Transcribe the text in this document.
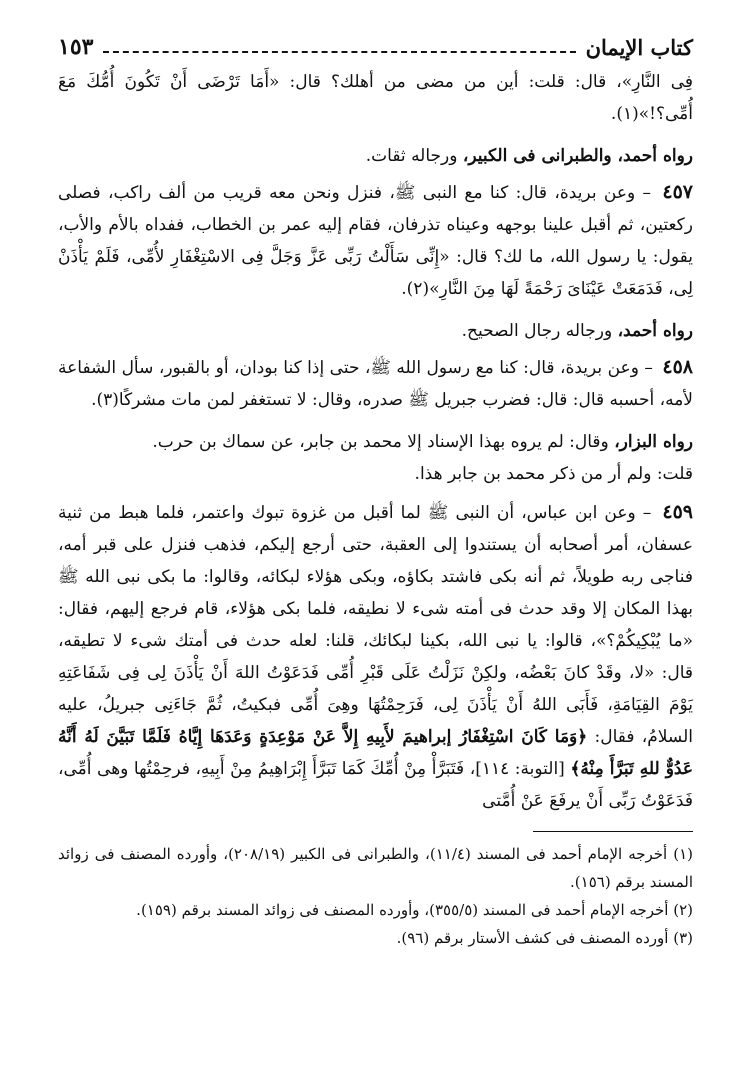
كتاب الإيمان
١٥٣

فِى النَّارِ»، قال: قلت: أين من مضى من أهلك؟ قال: «أَمَا تَرْضَى أَنْ تَكُونَ أُمُّكَ مَعَ أُمِّى؟!»(١).

رواه أحمد، والطبرانى فى الكبير، ورجاله ثقات.

٤٥٧ – وعن بريدة، قال: كنا مع النبى ﷺ، فنزل ونحن معه قريب من ألف راكب، فصلى ركعتين، ثم أقبل علينا بوجهه وعيناه تذرفان، فقام إليه عمر بن الخطاب، ففداه بالأم والأب، يقول: يا رسول الله، ما لك؟ قال: «إِنِّى سَأَلْتُ رَبِّى عَزَّ وَجَلَّ فِى الاسْتِغْفَارِ لأُمِّى، فَلَمْ يَأْذَنْ لِى، فَدَمَعَتْ عَيْنَاىَ رَحْمَةً لَهَا مِنَ النَّارِ»(٢).

رواه أحمد، ورجاله رجال الصحيح.

٤٥٨ – وعن بريدة، قال: كنا مع رسول الله ﷺ، حتى إذا كنا بودان، أو بالقبور، سأل الشفاعة لأمه، أحسبه قال: قال: فضرب جبريل ﷺ صدره، وقال: لا تستغفر لمن مات مشركًا(٣).

رواه البزار، وقال: لم يروه بهذا الإسناد إلا محمد بن جابر، عن سماك بن حرب.

قلت: ولم أر من ذكر محمد بن جابر هذا.

٤٥٩ – وعن ابن عباس، أن النبى ﷺ لما أقبل من غزوة تبوك واعتمر، فلما هبط من ثنية عسفان، أمر أصحابه أن يستندوا إلى العقبة، حتى أرجع إليكم، فذهب فنزل على قبر أمه، فناجى ربه طويلاً، ثم أنه بكى فاشتد بكاؤه، وبكى هؤلاء لبكائه، وقالوا: ما بكى نبى الله ﷺ بهذا المكان إلا وقد حدث فى أمته شىء لا نطيقه، فلما بكى هؤلاء، قام فرجع إليهم، فقال: «ما يُبْكِيكُمْ؟»، قالوا: يا نبى الله، بكينا لبكائك، قلنا: لعله حدث فى أمتك شىء لا تطيقه، قال: «لا، وقَدْ كانَ بَعْضُه، ولكِنْ نَزَلْتُ عَلَى قَبْرِ أُمِّى فَدَعَوْتُ اللهَ أَنْ يَأْذَنَ لِى فِى شَفَاعَتِهِ يَوْمَ القِيَامَةِ، فَأَبَى اللهُ أَنْ يَأْذَنَ لِى، فَرَحِمْتُهَا وهِىَ أُمِّى فبكيتُ، ثُمَّ جَاءَنِى جبريلُ، عليه السلامُ، فقال: ﴿وَمَا كَانَ اسْتِغْفَارُ إبراهيمَ لأَبِيهِ إِلاَّ عَنْ مَوْعِدَةٍ وَعَدَهَا إِيَّاهُ فَلَمَّا تَبَيَّنَ لَهُ أَنَّهُ عَدُوٌّ للهِ تَبَرَّأَ مِنْهُ﴾ [التوبة: ١١٤]، فَتَبَرَّأْ مِنْ أُمِّكَ كَمَا تَبَرَّأَ إِبْرَاهِيمُ مِنْ أَبِيهِ، فرحِمْتُها وهى أُمِّى، فَدَعَوْتُ رَبِّى أَنْ يرفَعَ عَنْ أُمَّتى

(١) أخرجه الإمام أحمد فى المسند (١١/٤)، والطبرانى فى الكبير (٢٠٨/١٩)، وأورده المصنف فى زوائد المسند برقم (١٥٦).

(٢) أخرجه الإمام أحمد فى المسند (٣٥٥/٥)، وأورده المصنف فى زوائد المسند برقم (١٥٩).

(٣) أورده المصنف فى كشف الأستار برقم (٩٦).
